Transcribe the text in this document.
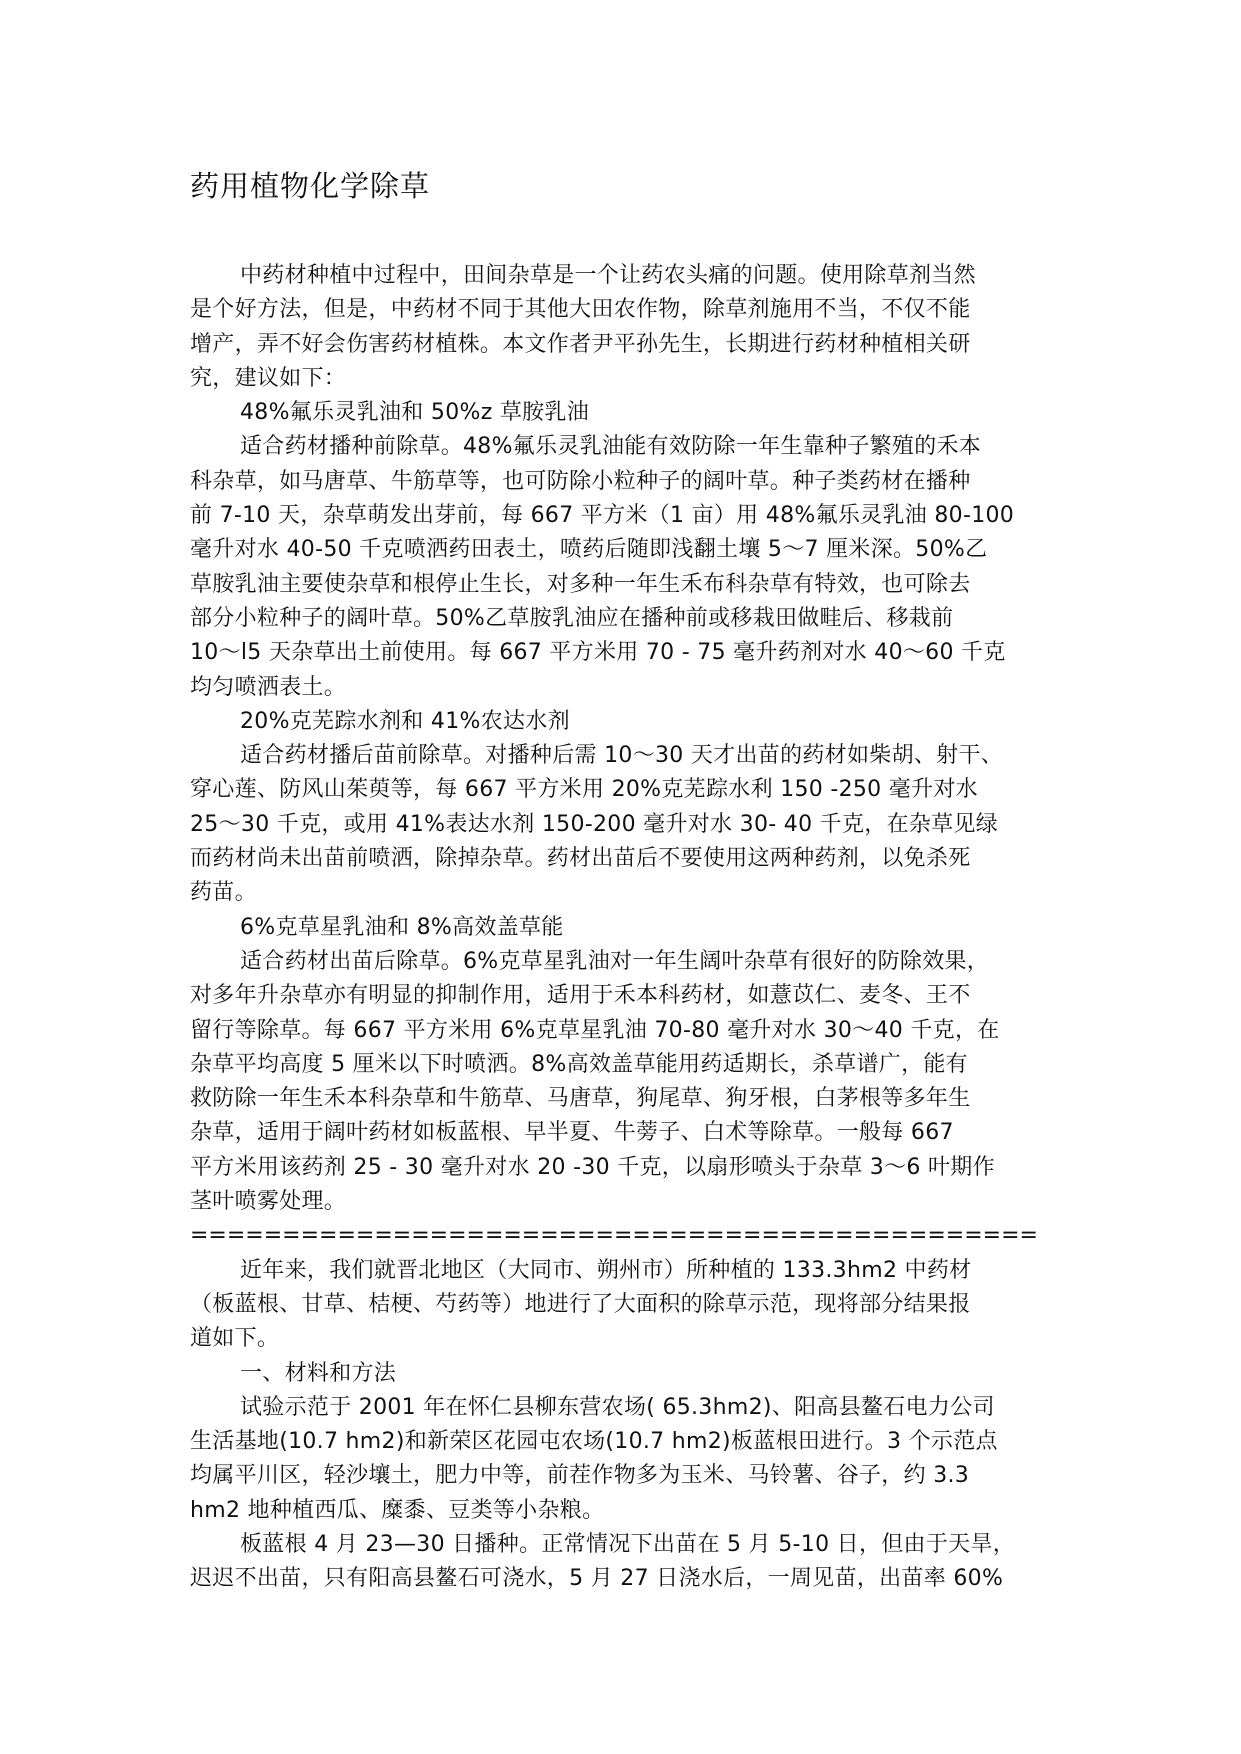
药用植物化学除草
中药材种植中过程中，田间杂草是一个让药农头痛的问题。使用除草剂当然
是个好方法，但是，中药材不同于其他大田农作物，除草剂施用不当，不仅不能
增产，弄不好会伤害药材植株。本文作者尹平孙先生，长期进行药材种植相关研
究，建议如下：
48%氟乐灵乳油和 50%z 草胺乳油
适合药材播种前除草。48%氟乐灵乳油能有效防除一年生靠种子繁殖的禾本
科杂草，如马唐草、牛筋草等，也可防除小粒种子的阔叶草。种子类药材在播种
前 7-10 天，杂草萌发出芽前，每 667 平方米（1 亩）用 48%氟乐灵乳油 80-100
毫升对水 40-50 千克喷洒药田表土，喷药后随即浅翻土壤 5～7 厘米深。50%乙
草胺乳油主要使杂草和根停止生长，对多种一年生禾布科杂草有特效，也可除去
部分小粒种子的阔叶草。50%乙草胺乳油应在播种前或移栽田做畦后、移栽前
10～l5 天杂草出土前使用。每 667 平方米用 70 - 75 毫升药剂对水 40～60 千克
均匀喷洒表土。
20%克芜踪水剂和 41%农达水剂
适合药材播后苗前除草。对播种后需 10～30 天才出苗的药材如柴胡、射干、
穿心莲、防风山茱萸等，每 667 平方米用 20%克芜踪水利 150 -250 毫升对水
25～30 千克，或用 41%表达水剂 150-200 毫升对水 30- 40 千克，在杂草见绿
而药材尚未出苗前喷洒，除掉杂草。药材出苗后不要使用这两种药剂，以免杀死
药苗。
6%克草星乳油和 8%高效盖草能
适合药材出苗后除草。6%克草星乳油对一年生阔叶杂草有很好的防除效果，
对多年升杂草亦有明显的抑制作用，适用于禾本科药材，如薏苡仁、麦冬、王不
留行等除草。每 667 平方米用 6%克草星乳油 70-80 毫升对水 30～40 千克，在
杂草平均高度 5 厘米以下时喷洒。8%高效盖草能用药适期长，杀草谱广，能有
救防除一年生禾本科杂草和牛筋草、马唐草，狗尾草、狗牙根，白茅根等多年生
杂草，适用于阔叶药材如板蓝根、早半夏、牛蒡子、白术等除草。一般每 667
平方米用该药剂 25 - 30 毫升对水 20 -30 千克，以扇形喷头于杂草 3～6 叶期作
茎叶喷雾处理。
==============================================
近年来，我们就晋北地区（大同市、朔州市）所种植的 133.3hm2 中药材
（板蓝根、甘草、桔梗、芍药等）地进行了大面积的除草示范，现将部分结果报
道如下。
一、材料和方法
试验示范于 2001 年在怀仁县柳东营农场( 65.3hm2)、阳高县鳌石电力公司
生活基地(10.7 hm2)和新荣区花园屯农场(10.7 hm2)板蓝根田进行。3 个示范点
均属平川区，轻沙壤土，肥力中等，前茬作物多为玉米、马铃薯、谷子，约 3.3
hm2 地种植西瓜、糜黍、豆类等小杂粮。
板蓝根 4 月 23—30 日播种。正常情况下出苗在 5 月 5-10 日，但由于天旱，
迟迟不出苗，只有阳高县鳌石可浇水，5 月 27 日浇水后，一周见苗，出苗率 60%
